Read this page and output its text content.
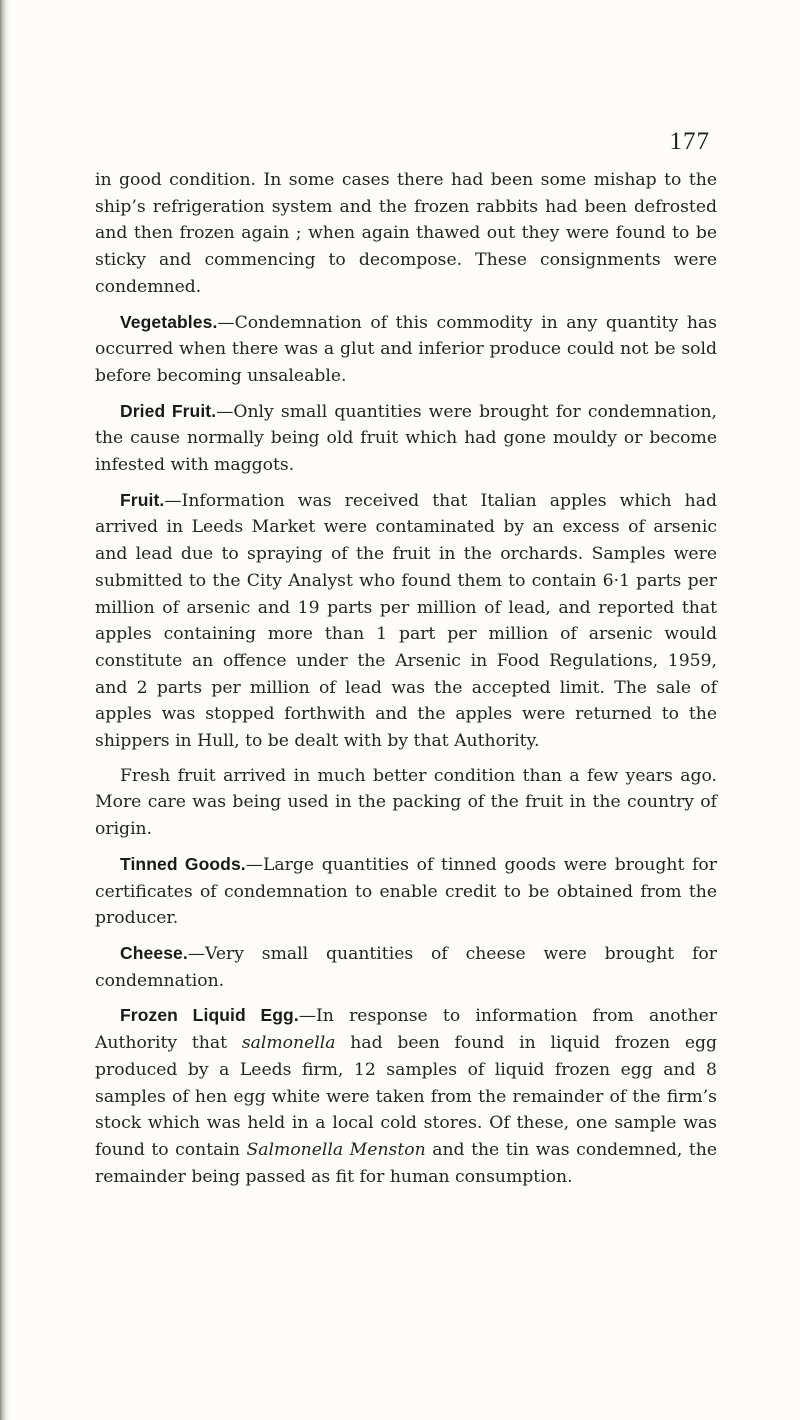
177

in good condition. In some cases there had been some mishap to the ship’s refrigeration system and the frozen rabbits had been defrosted and then frozen again ; when again thawed out they were found to be sticky and commencing to decompose. These consignments were condemned.

Vegetables.—Condemnation of this commodity in any quantity has occurred when there was a glut and inferior produce could not be sold before becoming unsaleable.

Dried Fruit.—Only small quantities were brought for condemnation, the cause normally being old fruit which had gone mouldy or become infested with maggots.

Fruit.—Information was received that Italian apples which had arrived in Leeds Market were contaminated by an excess of arsenic and lead due to spraying of the fruit in the orchards. Samples were submitted to the City Analyst who found them to contain 6·1 parts per million of arsenic and 19 parts per million of lead, and reported that apples containing more than 1 part per million of arsenic would constitute an offence under the Arsenic in Food Regulations, 1959, and 2 parts per million of lead was the accepted limit. The sale of apples was stopped forthwith and the apples were returned to the shippers in Hull, to be dealt with by that Authority.

Fresh fruit arrived in much better condition than a few years ago. More care was being used in the packing of the fruit in the country of origin.

Tinned Goods.—Large quantities of tinned goods were brought for certificates of condemnation to enable credit to be obtained from the producer.

Cheese.—Very small quantities of cheese were brought for condemnation.

Frozen Liquid Egg.—In response to information from another Authority that salmonella had been found in liquid frozen egg produced by a Leeds firm, 12 samples of liquid frozen egg and 8 samples of hen egg white were taken from the remainder of the firm’s stock which was held in a local cold stores. Of these, one sample was found to contain Salmonella Menston and the tin was condemned, the remainder being passed as fit for human consumption.
